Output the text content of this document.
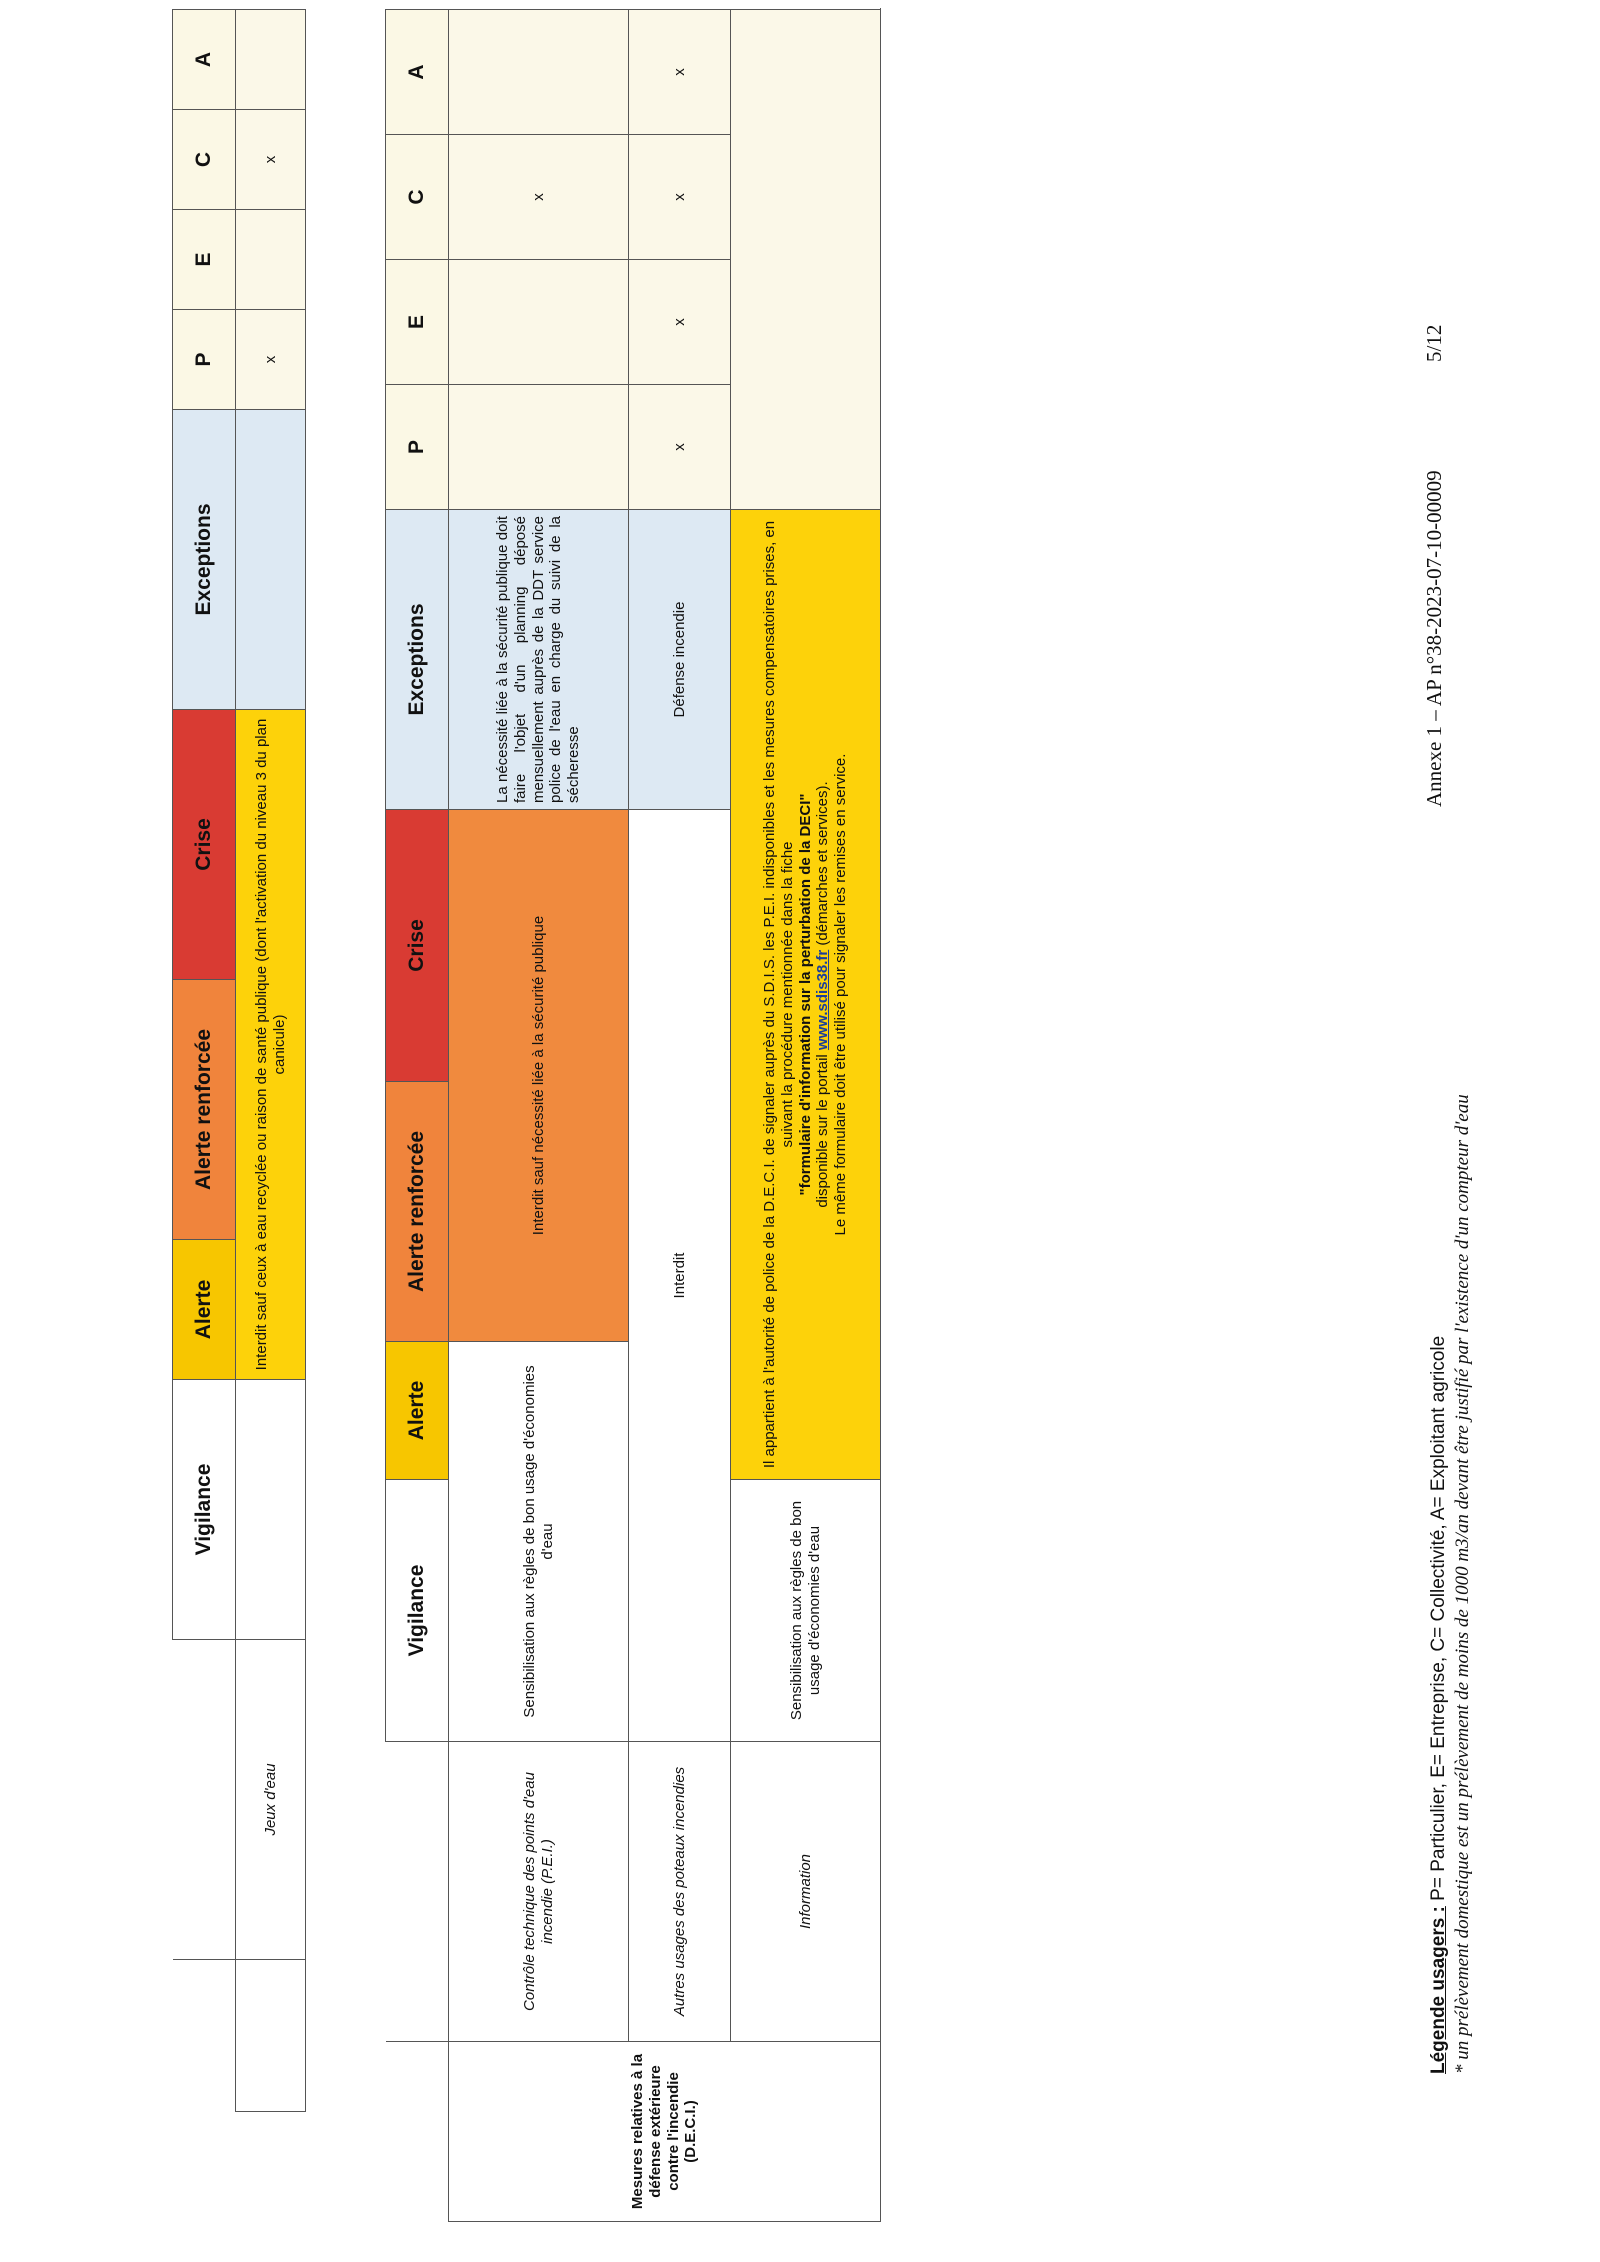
		Vigilance	Alerte	Alerte renforcée	Crise	Exceptions	P	E	C	A
	Jeux d'eau		Interdit sauf ceux à eau recyclée ou raison de santé publique (dont l'activation du niveau 3 du plan canicule)				x		x	
		Vigilance	Alerte	Alerte renforcée	Crise	Exceptions	P	E	C	A
Mesures relatives à la défense extérieure contre l'incendie (D.E.C.I.)	Contrôle technique des points d'eau incendie (P.E.I.)	Sensibilisation aux règles de bon usage d'économies d'eau		Interdit sauf nécessité liée à la sécurité publique		La nécessité liée à la sécurité publique doit faire l'objet d'un planning déposé mensuellement auprès de la DDT service police de l'eau en charge du suivi de la sécheresse			x	
	Autres usages des poteaux incendies	Interdit				Défense incendie	x	x	x	x
	Information	Sensibilisation aux règles de bon usage d'économies d'eau	Il appartient à l'autorité de police de la D.E.C.I. de signaler auprès du S.D.I.S. les P.E.I. indisponibles et les mesures compensatoires prises, en suivant la procédure mentionnée dans la fiche
"formulaire d'information sur la perturbation de la DECI"
disponible sur le portail www.sdis38.fr (démarches et services).
Le même formulaire doit être utilisé pour signaler les remises en service.							
Légende usagers : P= Particulier, E= Entreprise, C= Collectivité, A= Exploitant agricole
Annexe 1 – AP n°38-2023-07-10-00009
5/12
* un prélèvement domestique est un prélèvement de moins de 1000 m3/an devant être justifié par l'existence d'un compteur d'eau
